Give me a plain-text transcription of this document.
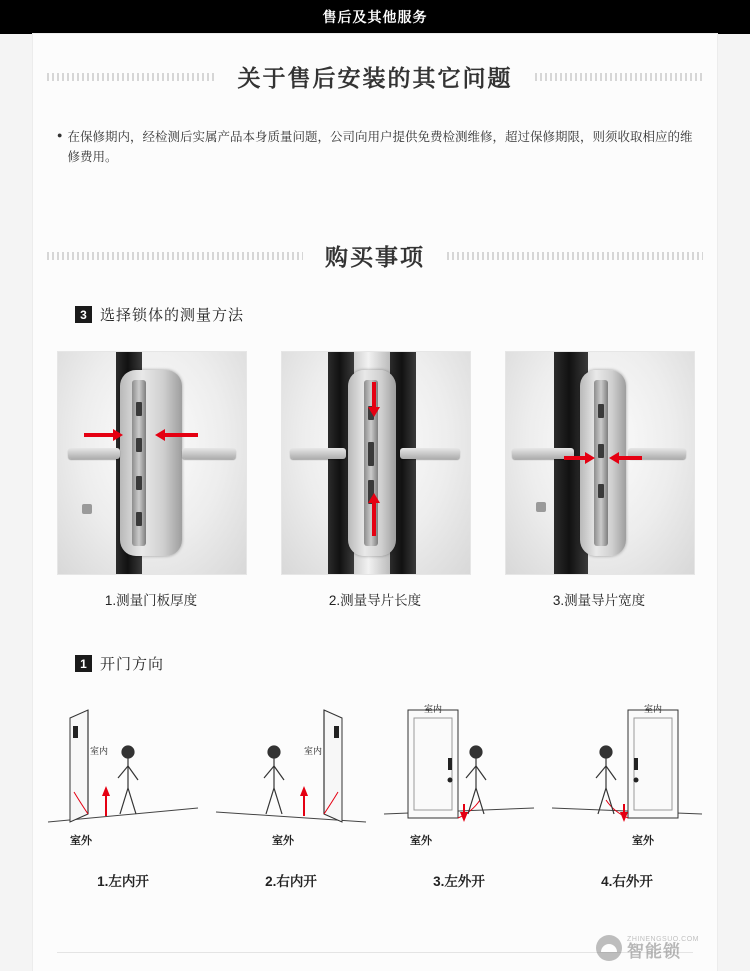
售后及其他服务
关于售后安装的其它问题
● 在保修期内，经检测后实属产品本身质量问题，公司向用户提供免费检测维修，超过保修期限，则须收取相应的维修费用。
购买事项
3 选择锁体的测量方法
1.测量门板厚度	2.测量导片长度	3.测量导片宽度
1 开门方向
室内
室外
1.左内开
室内
室外
2.右内开
室内
室外
3.左外开
室内
室外
4.右外开
ZHINENGSUO.COM
智能锁
